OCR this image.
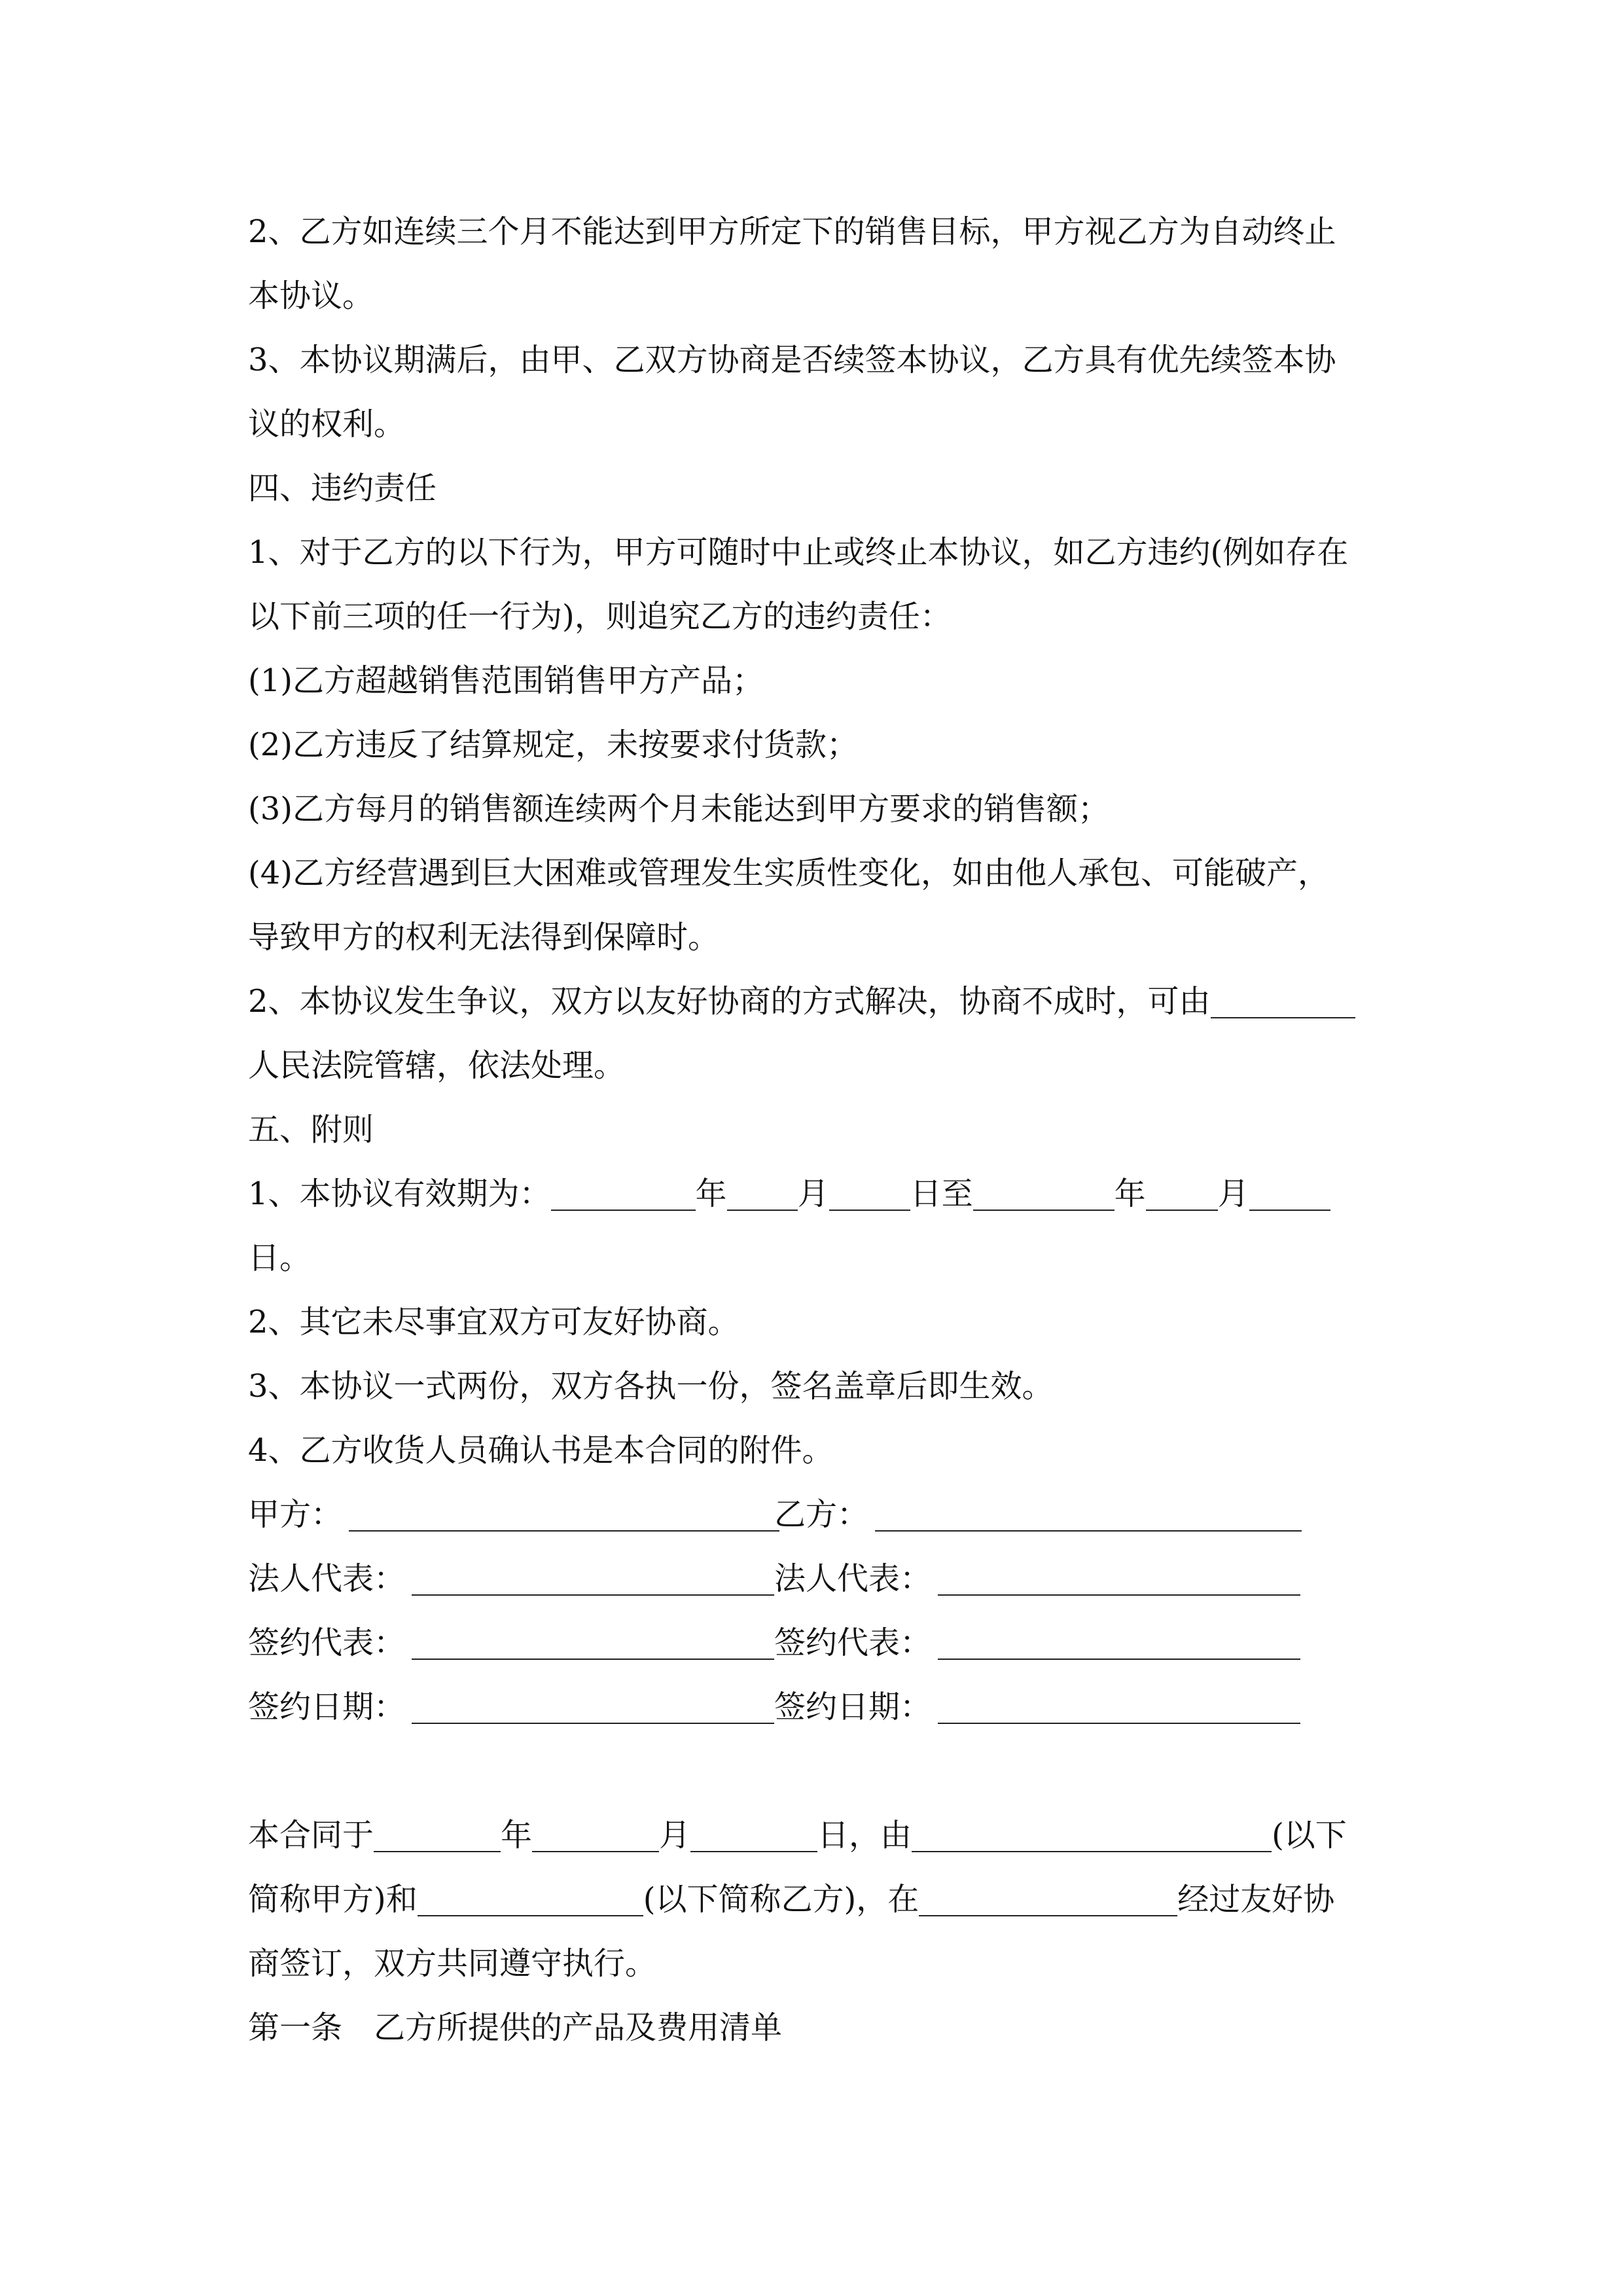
2、乙方如连续三个月不能达到甲方所定下的销售目标，甲方视乙方为自动终止
本协议。
3、本协议期满后，由甲、乙双方协商是否续签本协议，乙方具有优先续签本协
议的权利。
四、违约责任
1、对于乙方的以下行为，甲方可随时中止或终止本协议，如乙方违约(例如存在
以下前三项的任一行为)，则追究乙方的违约责任：
(1)乙方超越销售范围销售甲方产品；
(2)乙方违反了结算规定，未按要求付货款；
(3)乙方每月的销售额连续两个月未能达到甲方要求的销售额；
(4)乙方经营遇到巨大困难或管理发生实质性变化，如由他人承包、可能破产，
导致甲方的权利无法得到保障时。
2、本协议发生争议，双方以友好协商的方式解决，协商不成时，可由
人民法院管辖，依法处理。
五、附则
1、本协议有效期为：	年 月	日至	年 月
日。
2、其它未尽事宜双方可友好协商。
3、本协议一式两份，双方各执一份，签名盖章后即生效。
4、乙方收货人员确认书是本合同的附件。
甲方：	乙方：
法人代表：	法人代表：
签约代表：	签约代表：
签约日期：	签约日期：
本合同于	年	月	日，由	(以下
简称甲方)和	(以下简称乙方)，在	经过友好协
商签订，双方共同遵守执行。
第一条　乙方所提供的产品及费用清单
